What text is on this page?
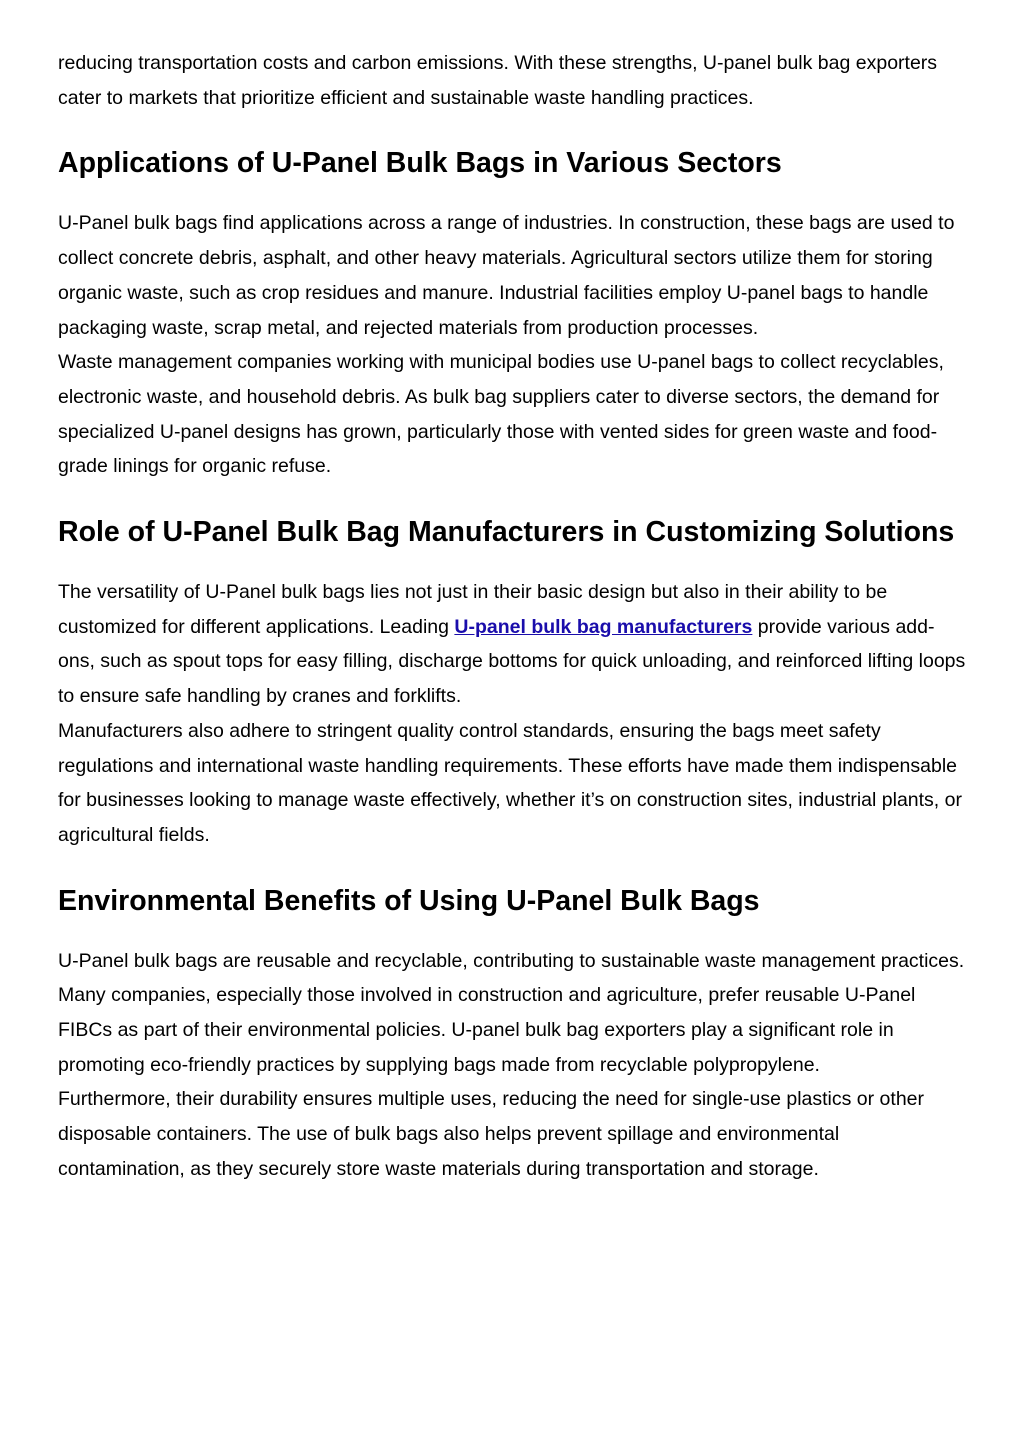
reducing transportation costs and carbon emissions. With these strengths, U-panel bulk bag exporters cater to markets that prioritize efficient and sustainable waste handling practices.

Applications of U-Panel Bulk Bags in Various Sectors

U-Panel bulk bags find applications across a range of industries. In construction, these bags are used to collect concrete debris, asphalt, and other heavy materials. Agricultural sectors utilize them for storing organic waste, such as crop residues and manure. Industrial facilities employ U-panel bags to handle packaging waste, scrap metal, and rejected materials from production processes.

Waste management companies working with municipal bodies use U-panel bags to collect recyclables, electronic waste, and household debris. As bulk bag suppliers cater to diverse sectors, the demand for specialized U-panel designs has grown, particularly those with vented sides for green waste and food-grade linings for organic refuse.

Role of U-Panel Bulk Bag Manufacturers in Customizing Solutions

The versatility of U-Panel bulk bags lies not just in their basic design but also in their ability to be customized for different applications. Leading U-panel bulk bag manufacturers provide various add-ons, such as spout tops for easy filling, discharge bottoms for quick unloading, and reinforced lifting loops to ensure safe handling by cranes and forklifts.

Manufacturers also adhere to stringent quality control standards, ensuring the bags meet safety regulations and international waste handling requirements. These efforts have made them indispensable for businesses looking to manage waste effectively, whether it’s on construction sites, industrial plants, or agricultural fields.

Environmental Benefits of Using U-Panel Bulk Bags

U-Panel bulk bags are reusable and recyclable, contributing to sustainable waste management practices. Many companies, especially those involved in construction and agriculture, prefer reusable U-Panel FIBCs as part of their environmental policies. U-panel bulk bag exporters play a significant role in promoting eco-friendly practices by supplying bags made from recyclable polypropylene.

Furthermore, their durability ensures multiple uses, reducing the need for single-use plastics or other disposable containers. The use of bulk bags also helps prevent spillage and environmental contamination, as they securely store waste materials during transportation and storage.
